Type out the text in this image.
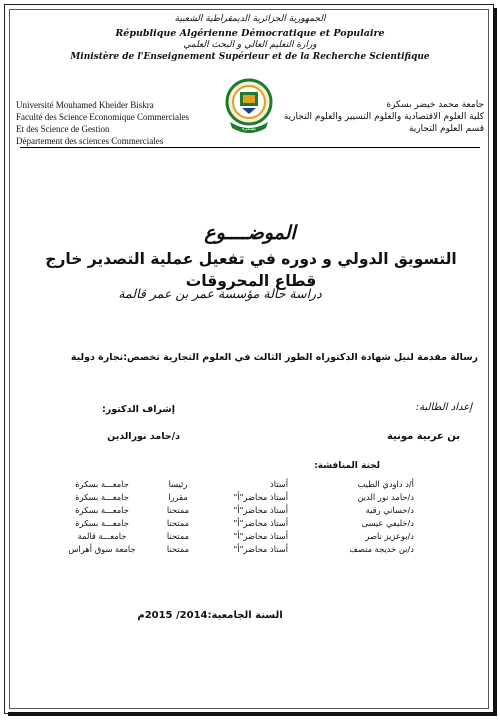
الجمهورية الجزائرية الديمقراطية الشعبية
République Algérienne Démocratique et Populaire
وزارة التعليم العالي و البحث العلمي
Ministère de l'Enseignement Supérieur et de la Recherche Scientifique
Université Mouhamed Kheider Biskra
Faculté des Science Economique Commerciales
Et des Science de Gestion
Département des sciences Commerciales
جامعة محمد خيضر بسكرة
كلية العلوم الاقتصادية والعلوم التسيير والعلوم التجارية
قسم العلوم التجارية
بسكرة
الموضــــوع
التسويق الدولي و دوره في تفعيل عملية التصدير خارج قطاع المحروقات
دراسة حالة مؤسسة عمر بن عمر قالمة
رسالة مقدمة لنيل شهادة الدكتوراه الطور الثالث في العلوم التجارية تخصص:تجارة دولية
إعداد الطالبة:
إشراف الدكتور:
بن عربية مونية
د/حامد نورالدين
لجنة المناقشة:
أ/د داودي الطيب
أستاذ
رئيسا
جامعـــة بسكرة
د/حامد نور الدين
أستاذ محاضر"أ"
مقررا
جامعـــة بسكرة
د/حساني رقية
أستاذ محاضر"أ"
ممتحنا
جامعـــة بسكرة
د/خليفي عيسى
أستاذ محاضر"أ"
ممتحنا
جامعـــة بسكرة
د/بوعزيز ناصر
أستاذ محاضر"أ"
ممتحنا
جامعـــة قالمة
د/بن خديجة منصف
أستاذ محاضر"أ"
ممتحنا
جامعة سوق أهراس
السنة الجامعية:2014/ 2015م
